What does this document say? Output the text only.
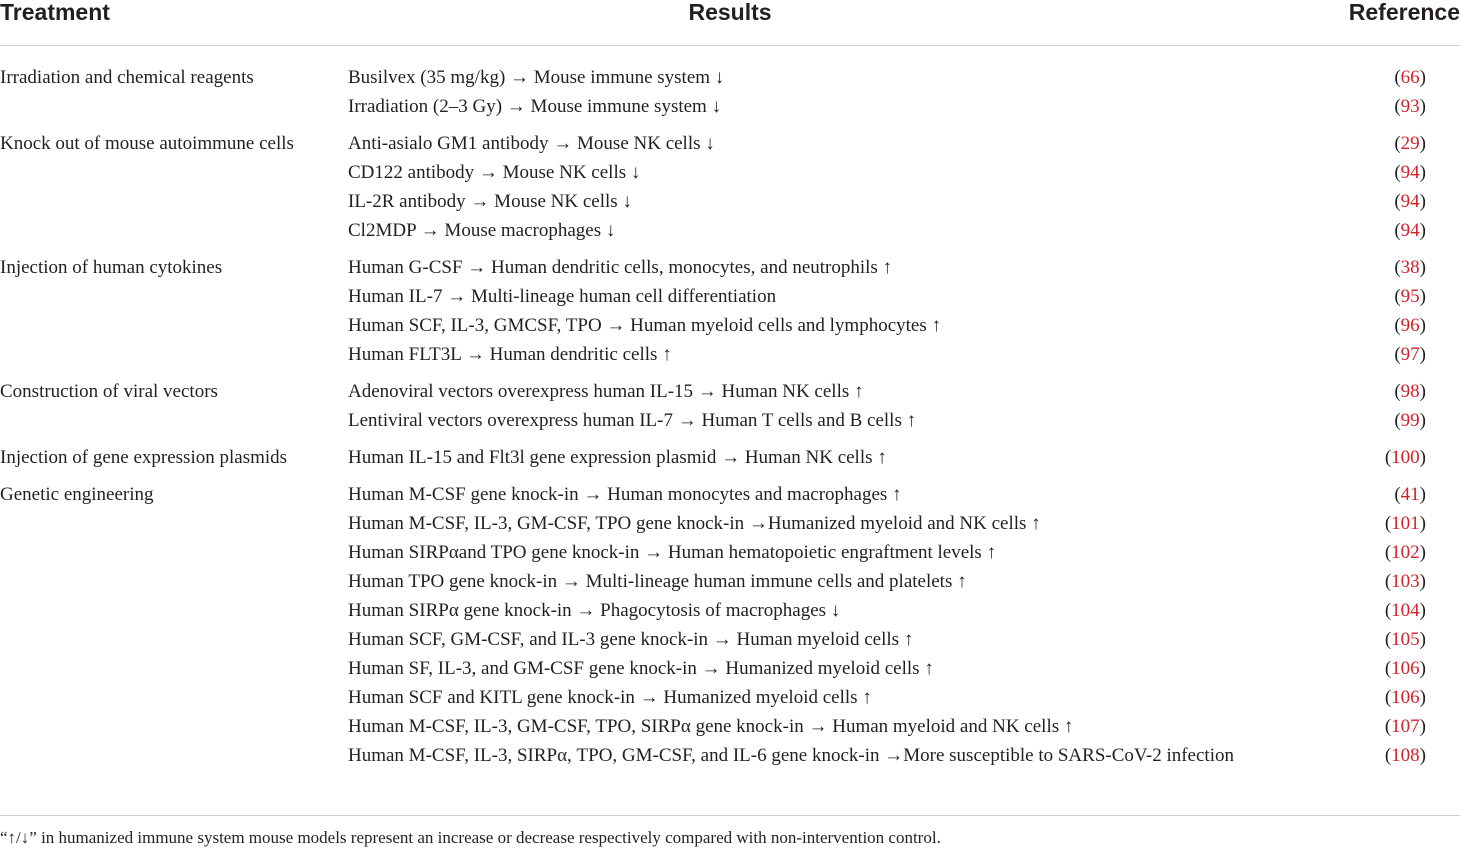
Treatment	Results	Reference
Irradiation and chemical reagents	Busilvex (35 mg/kg) → Mouse immune system ↓	(66)
Irradiation (2–3 Gy) → Mouse immune system ↓	(93)
Knock out of mouse autoimmune cells	Anti-asialo GM1 antibody → Mouse NK cells ↓	(29)
CD122 antibody → Mouse NK cells ↓	(94)
IL-2R antibody → Mouse NK cells ↓	(94)
Cl2MDP → Mouse macrophages ↓	(94)
Injection of human cytokines	Human G-CSF → Human dendritic cells, monocytes, and neutrophils ↑	(38)
Human IL-7 → Multi-lineage human cell differentiation	(95)
Human SCF, IL-3, GMCSF, TPO → Human myeloid cells and lymphocytes ↑	(96)
Human FLT3L → Human dendritic cells ↑	(97)
Construction of viral vectors	Adenoviral vectors overexpress human IL-15 → Human NK cells ↑	(98)
Lentiviral vectors overexpress human IL-7 → Human T cells and B cells ↑	(99)
Injection of gene expression plasmids	Human IL-15 and Flt3l gene expression plasmid → Human NK cells ↑	(100)
Genetic engineering	Human M-CSF gene knock-in → Human monocytes and macrophages ↑	(41)
Human M-CSF, IL-3, GM-CSF, TPO gene knock-in →Humanized myeloid and NK cells ↑	(101)
Human SIRPαand TPO gene knock-in → Human hematopoietic engraftment levels ↑	(102)
Human TPO gene knock-in → Multi-lineage human immune cells and platelets ↑	(103)
Human SIRPα gene knock-in → Phagocytosis of macrophages ↓	(104)
Human SCF, GM-CSF, and IL-3 gene knock-in → Human myeloid cells ↑	(105)
Human SF, IL-3, and GM-CSF gene knock-in → Humanized myeloid cells ↑	(106)
Human SCF and KITL gene knock-in → Humanized myeloid cells ↑	(106)
Human M-CSF, IL-3, GM-CSF, TPO, SIRPα gene knock-in → Human myeloid and NK cells ↑	(107)
Human M-CSF, IL-3, SIRPα, TPO, GM-CSF, and IL-6 gene knock-in →More susceptible to SARS-CoV-2 infection	(108)
“↑/↓” in humanized immune system mouse models represent an increase or decrease respectively compared with non-intervention control.
